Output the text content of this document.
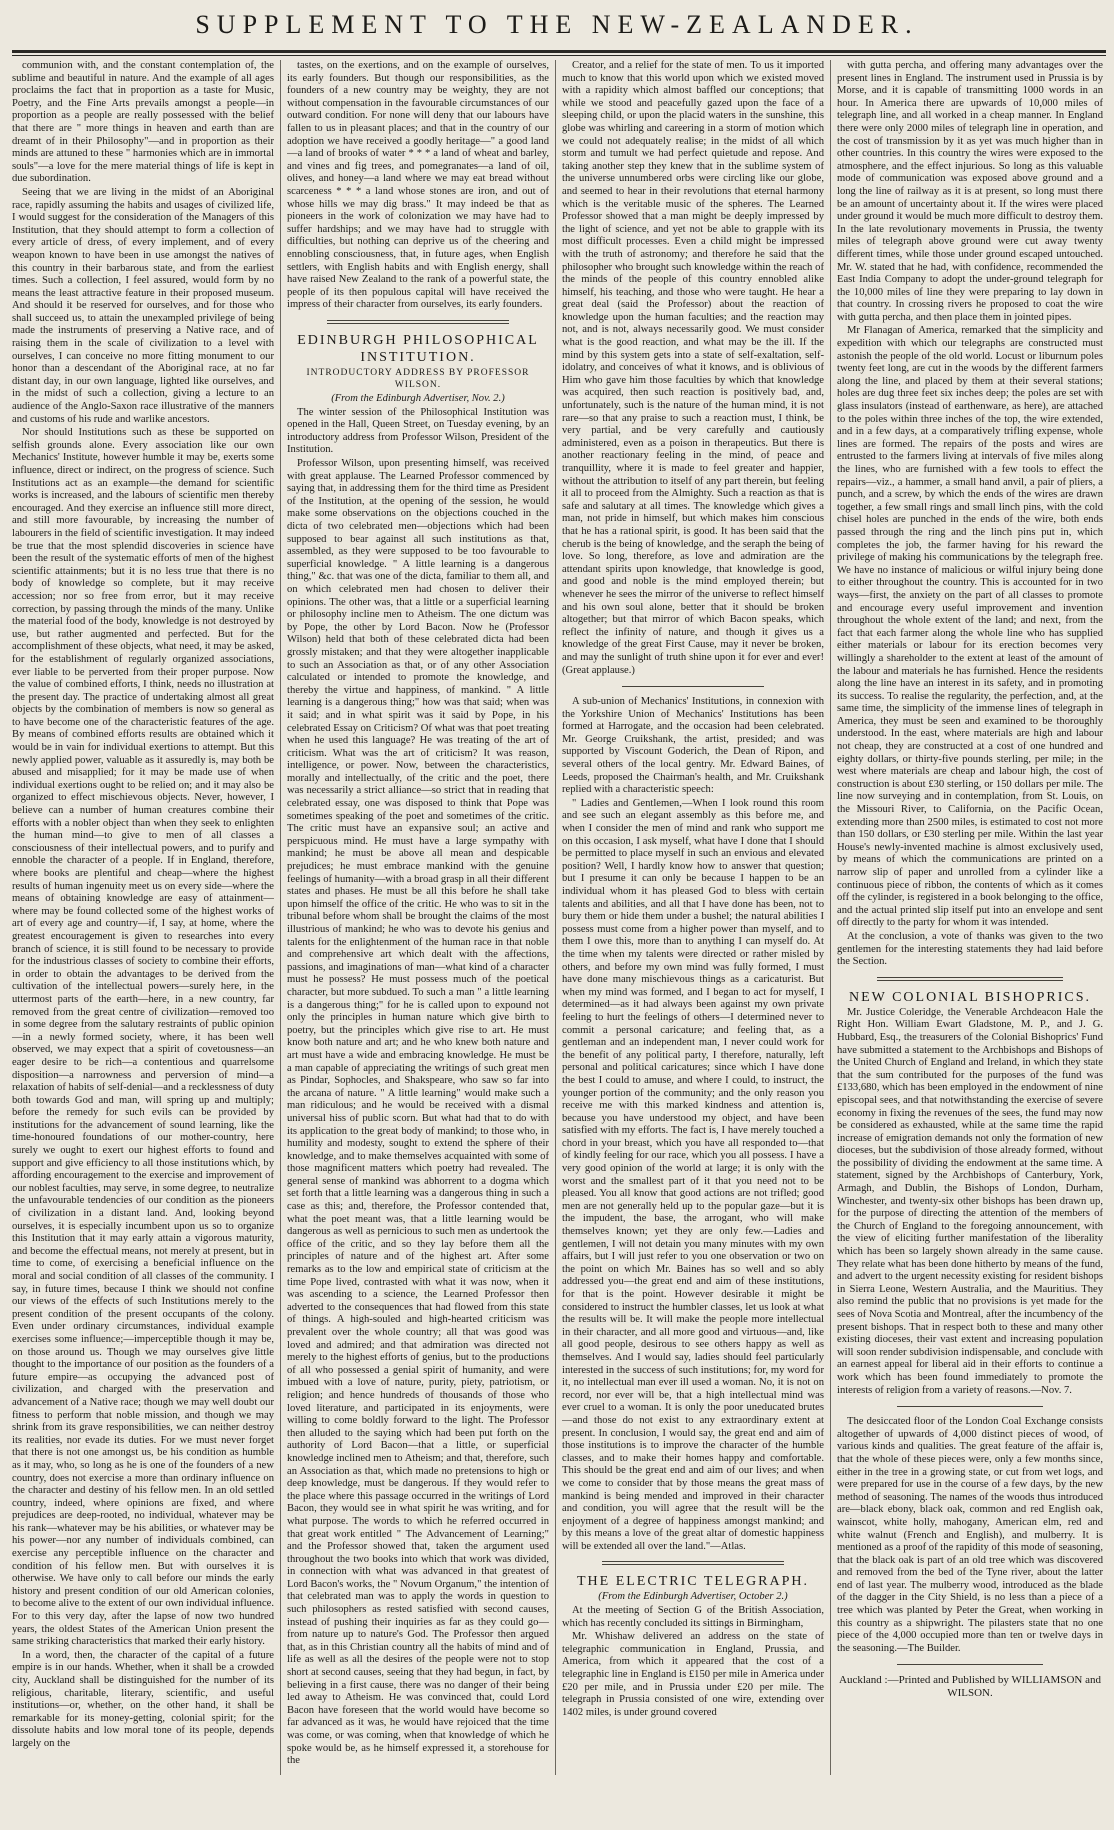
SUPPLEMENT TO THE NEW-ZEALANDER.

communion with, and the constant contemplation of, the sublime and beautiful in nature. And the example of all ages proclaims the fact that in proportion as a taste for Music, Poetry, and the Fine Arts prevails amongst a people—in proportion as a people are really possessed with the belief that there are " more things in heaven and earth than are dreamt of in their Philosophy"—and in proportion as their minds are attuned to these " harmonies which are in immortal souls"—a love for the mere material things of life is kept in due subordination.

Seeing that we are living in the midst of an Aboriginal race, rapidly assuming the habits and usages of civilized life, I would suggest for the consideration of the Managers of this Institution, that they should attempt to form a collection of every article of dress, of every implement, and of every weapon known to have been in use amongst the natives of this country in their barbarous state, and from the earliest times. Such a collection, I feel assured, would form by no means the least attractive feature in their proposed museum. And should it be reserved for ourselves, and for those who shall succeed us, to attain the unexampled privilege of being made the instruments of preserving a Native race, and of raising them in the scale of civilization to a level with ourselves, I can conceive no more fitting monument to our honor than a descendant of the Aboriginal race, at no far distant day, in our own language, lighted like ourselves, and in the midst of such a collection, giving a lecture to an audience of the Anglo-Saxon race illustrative of the manners and customs of his rude and warlike ancestors.

Nor should Institutions such as these be supported on selfish grounds alone. Every association like our own Mechanics' Institute, however humble it may be, exerts some influence, direct or indirect, on the progress of science. Such Institutions act as an example—the demand for scientific works is increased, and the labours of scientific men thereby encouraged. And they exercise an influence still more direct, and still more favourable, by increasing the number of labourers in the field of scientific investigation. It may indeed be true that the most splendid discoveries in science have been the result of the systematic efforts of men of the highest scientific attainments; but it is no less true that there is no body of knowledge so complete, but it may receive accession; nor so free from error, but it may receive correction, by passing through the minds of the many. Unlike the material food of the body, knowledge is not destroyed by use, but rather augmented and perfected. But for the accomplishment of these objects, what need, it may be asked, for the establishment of regularly organized associations, ever liable to be perverted from their proper purpose. Now the value of combined efforts, I think, needs no illustration at the present day. The practice of undertaking almost all great objects by the combination of members is now so general as to have become one of the characteristic features of the age. By means of combined efforts results are obtained which it would be in vain for individual exertions to attempt. But this newly applied power, valuable as it assuredly is, may both be abused and misapplied; for it may be made use of when individual exertions ought to be relied on; and it may also be organized to effect mischievous objects. Never, however, I believe can a number of human creatures combine their efforts with a nobler object than when they seek to enlighten the human mind—to give to men of all classes a consciousness of their intellectual powers, and to purify and ennoble the character of a people. If in England, therefore, where books are plentiful and cheap—where the highest results of human ingenuity meet us on every side—where the means of obtaining knowledge are easy of attainment—where may be found collected some of the highest works of art of every age and country—if, I say, at home, where the greatest encouragement is given to researches into every branch of science, it is still found to be necessary to provide for the industrious classes of society to combine their efforts, in order to obtain the advantages to be derived from the cultivation of the intellectual powers—surely here, in the uttermost parts of the earth—here, in a new country, far removed from the great centre of civilization—removed too in some degree from the salutary restraints of public opinion—in a newly formed society, where, it has been well observed, we may expect that a spirit of covetousness—an eager desire to be rich—a contentious and quarrelsome disposition—a narrowness and perversion of mind—a relaxation of habits of self-denial—and a recklessness of duty both towards God and man, will spring up and multiply; before the remedy for such evils can be provided by institutions for the advancement of sound learning, like the time-honoured foundations of our mother-country, here surely we ought to exert our highest efforts to found and support and give efficiency to all those institutions which, by affording encouragement to the exercise and improvement of our noblest faculties, may serve, in some degree, to neutralize the unfavourable tendencies of our condition as the pioneers of civilization in a distant land. And, looking beyond ourselves, it is especially incumbent upon us so to organize this Institution that it may early attain a vigorous maturity, and become the effectual means, not merely at present, but in time to come, of exercising a beneficial influence on the moral and social condition of all classes of the community. I say, in future times, because I think we should not confine our views of the effects of such Institutions merely to the present condition of the present occupants of the colony. Even under ordinary circumstances, individual example exercises some influence;—imperceptible though it may be, on those around us. Though we may ourselves give little thought to the importance of our position as the founders of a future empire—as occupying the advanced post of civilization, and charged with the preservation and advancement of a Native race; though we may well doubt our fitness to perform that noble mission, and though we may shrink from its grave responsibilities, we can neither destroy its realities, nor evade its duties. For we must never forget that there is not one amongst us, be his condition as humble as it may, who, so long as he is one of the founders of a new country, does not exercise a more than ordinary influence on the character and destiny of his fellow men. In an old settled country, indeed, where opinions are fixed, and where prejudices are deep-rooted, no individual, whatever may be his rank—whatever may be his abilities, or whatever may be his power—nor any number of individuals combined, can exercise any perceptible influence on the character and condition of his fellow men. But with ourselves it is otherwise. We have only to call before our minds the early history and present condition of our old American colonies, to become alive to the extent of our own individual influence. For to this very day, after the lapse of now two hundred years, the oldest States of the American Union present the same striking characteristics that marked their early history.

In a word, then, the character of the capital of a future empire is in our hands. Whether, when it shall be a crowded city, Auckland shall be distinguished for the number of its religious, charitable, literary, scientific, and useful institutions—or, whether, on the other hand, it shall be remarkable for its money-getting, colonial spirit; for the dissolute habits and low moral tone of its people, depends largely on the

tastes, on the exertions, and on the example of ourselves, its early founders. But though our responsibilities, as the founders of a new country may be weighty, they are not without compensation in the favourable circumstances of our outward condition. For none will deny that our labours have fallen to us in pleasant places; and that in the country of our adoption we have received a goodly heritage—" a good land —a land of brooks of water * * * a land of wheat and barley, and vines and fig trees, and pomegranates—a land of oil, olives, and honey—a land where we may eat bread without scarceness * * * a land whose stones are iron, and out of whose hills we may dig brass." It may indeed be that as pioneers in the work of colonization we may have had to suffer hardships; and we may have had to struggle with difficulties, but nothing can deprive us of the cheering and ennobling consciousness, that, in future ages, when English settlers, with English habits and with English energy, shall have raised New Zealand to the rank of a powerful state, the people of its then populous capital will have received the impress of their character from ourselves, its early founders.

EDINBURGH PHILOSOPHICAL INSTITUTION.

INTRODUCTORY ADDRESS BY PROFESSOR WILSON.

(From the Edinburgh Advertiser, Nov. 2.)

The winter session of the Philosophical Institution was opened in the Hall, Queen Street, on Tuesday evening, by an introductory address from Professor Wilson, President of the Institution.

Professor Wilson, upon presenting himself, was received with great applause. The Learned Professor commenced by saying that, in addressing them for the third time as President of the Institution, at the opening of the session, he would make some observations on the objections couched in the dicta of two celebrated men—objections which had been supposed to bear against all such institutions as that, assembled, as they were supposed to be too favourable to superficial knowledge. " A little learning is a dangerous thing," &c. that was one of the dicta, familiar to them all, and on which celebrated men had chosen to deliver their opinions. The other was, that a little or a superficial learning or philosophy incline men to Atheism. The one dictum was by Pope, the other by Lord Bacon. Now he (Professor Wilson) held that both of these celebrated dicta had been grossly mistaken; and that they were altogether inapplicable to such an Association as that, or of any other Association calculated or intended to promote the knowledge, and thereby the virtue and happiness, of mankind. " A little learning is a dangerous thing;" how was that said; when was it said; and in what spirit was it said by Pope, in his celebrated Essay on Criticism? Of what was that poet treating when he used this language? He was treating of the art of criticism. What was the art of criticism? It was reason, intelligence, or power. Now, between the characteristics, morally and intellectually, of the critic and the poet, there was necessarily a strict alliance—so strict that in reading that celebrated essay, one was disposed to think that Pope was sometimes speaking of the poet and sometimes of the critic. The critic must have an expansive soul; an active and perspicuous mind. He must have a large sympathy with mankind; he must be above all mean and despicable prejudices; he must embrace mankind with the genuine feelings of humanity—with a broad grasp in all their different states and phases. He must be all this before he shall take upon himself the office of the critic. He who was to sit in the tribunal before whom shall be brought the claims of the most illustrious of mankind; he who was to devote his genius and talents for the enlightenment of the human race in that noble and comprehensive art which dealt with the affections, passions, and imaginations of man—what kind of a character must he possess? He must possess much of the poetical character, but more subdued. To such a man " a little learning is a dangerous thing;" for he is called upon to expound not only the principles in human nature which give birth to poetry, but the principles which give rise to art. He must know both nature and art; and he who knew both nature and art must have a wide and embracing knowledge. He must be a man capable of appreciating the writings of such great men as Pindar, Sophocles, and Shakspeare, who saw so far into the arcana of nature. " A little learning" would make such a man ridiculous; and he would be received with a dismal universal hiss of public scorn. But what had that to do with its application to the great body of mankind; to those who, in humility and modesty, sought to extend the sphere of their knowledge, and to make themselves acquainted with some of those magnificent matters which poetry had revealed. The general sense of mankind was abhorrent to a dogma which set forth that a little learning was a dangerous thing in such a case as this; and, therefore, the Professor contended that, what the poet meant was, that a little learning would be dangerous as well as pernicious to such men as undertook the office of the critic, and so they lay before them all the principles of nature and of the highest art. After some remarks as to the low and empirical state of criticism at the time Pope lived, contrasted with what it was now, when it was ascending to a science, the Learned Professor then adverted to the consequences that had flowed from this state of things. A high-souled and high-hearted criticism was prevalent over the whole country; all that was good was loved and admired; and that admiration was directed not merely to the highest efforts of genius, but to the productions of all who possessed a genial spirit of humanity, and were imbued with a love of nature, purity, piety, patriotism, or religion; and hence hundreds of thousands of those who loved literature, and participated in its enjoyments, were willing to come boldly forward to the light. The Professor then alluded to the saying which had been put forth on the authority of Lord Bacon—that a little, or superficial knowledge inclined men to Atheism; and that, therefore, such an Association as that, which made no pretensions to high or deep knowledge, must be dangerous. If they would refer to the place where this passage occurred in the writings of Lord Bacon, they would see in what spirit he was writing, and for what purpose. The words to which he referred occurred in that great work entitled " The Advancement of Learning;" and the Professor showed that, taken the argument used throughout the two books into which that work was divided, in connection with what was advanced in that greatest of Lord Bacon's works, the " Novum Organum," the intention of that celebrated man was to apply the words in question to such philosophers as rested satisfied with second causes, instead of pushing their inquiries as far as they could go—from nature up to nature's God. The Professor then argued that, as in this Christian country all the habits of mind and of life as well as all the desires of the people were not to stop short at second causes, seeing that they had begun, in fact, by believing in a first cause, there was no danger of their being led away to Atheism. He was convinced that, could Lord Bacon have foreseen that the world would have become so far advanced as it was, he would have rejoiced that the time was come, or was coming, when that knowledge of which he spoke would be, as he himself expressed it, a storehouse for the

Creator, and a relief for the state of men. To us it imported much to know that this world upon which we existed moved with a rapidity which almost baffled our conceptions; that while we stood and peacefully gazed upon the face of a sleeping child, or upon the placid waters in the sunshine, this globe was whirling and careering in a storm of motion which we could not adequately realise; in the midst of all which storm and tumult we had perfect quietude and repose. And taking another step they knew that in the sublime system of the universe unnumbered orbs were circling like our globe, and seemed to hear in their revolutions that eternal harmony which is the veritable music of the spheres. The Learned Professor showed that a man might be deeply impressed by the light of science, and yet not be able to grapple with its most difficult processes. Even a child might be impressed with the truth of astronomy; and therefore he said that the philosopher who brought such knowledge within the reach of the minds of the people of this country ennobled alike himself, his teaching, and those who were taught. He hear a great deal (said the Professor) about the reaction of knowledge upon the human faculties; and the reaction may not, and is not, always necessarily good. We must consider what is the good reaction, and what may be the ill. If the mind by this system gets into a state of self-exaltation, self-idolatry, and conceives of what it knows, and is oblivious of Him who gave him those faculties by which that knowledge was acquired, then such reaction is positively bad, and, unfortunately, such is the nature of the human mind, it is not rare—so that any praise to such a reaction must, I think, be very partial, and be very carefully and cautiously administered, even as a poison in therapeutics. But there is another reactionary feeling in the mind, of peace and tranquillity, where it is made to feel greater and happier, without the attribution to itself of any part therein, but feeling it all to proceed from the Almighty. Such a reaction as that is safe and salutary at all times. The knowledge which gives a man, not pride in himself, but which makes him conscious that he has a rational spirit, is good. It has been said that the cherub is the being of knowledge, and the seraph the being of love. So long, therefore, as love and admiration are the attendant spirits upon knowledge, that knowledge is good, and good and noble is the mind employed therein; but whenever he sees the mirror of the universe to reflect himself and his own soul alone, better that it should be broken altogether; but that mirror of which Bacon speaks, which reflect the infinity of nature, and though it gives us a knowledge of the great First Cause, may it never be broken, and may the sunlight of truth shine upon it for ever and ever! (Great applause.)

A sub-union of Mechanics' Institutions, in connexion with the Yorkshire Union of Mechanics' Institutions has been formed at Harrogate, and the occasion had been celebrated. Mr. George Cruikshank, the artist, presided; and was supported by Viscount Goderich, the Dean of Ripon, and several others of the local gentry. Mr. Edward Baines, of Leeds, proposed the Chairman's health, and Mr. Cruikshank replied with a characteristic speech:

" Ladies and Gentlemen,—When I look round this room and see such an elegant assembly as this before me, and when I consider the men of mind and rank who support me on this occasion, I ask myself, what have I done that I should be permitted to place myself in such an envious and elevated position? Well, I hardly know how to answer that question; but I presume it can only be because I happen to be an individual whom it has pleased God to bless with certain talents and abilities, and all that I have done has been, not to bury them or hide them under a bushel; the natural abilities I possess must come from a higher power than myself, and to them I owe this, more than to anything I can myself do. At the time when my talents were directed or rather misled by others, and before my own mind was fully formed, I must have done many mischievous things as a caricaturist. But when my mind was formed, and I began to act for myself, I determined—as it had always been against my own private feeling to hurt the feelings of others—I determined never to commit a personal caricature; and feeling that, as a gentleman and an independent man, I never could work for the benefit of any political party, I therefore, naturally, left personal and political caricatures; since which I have done the best I could to amuse, and where I could, to instruct, the younger portion of the community; and the only reason you receive me with this marked kindness and attention is, because you have understood my object, and have been satisfied with my efforts. The fact is, I have merely touched a chord in your breast, which you have all responded to—that of kindly feeling for our race, which you all possess. I have a very good opinion of the world at large; it is only with the worst and the smallest part of it that you need not to be pleased. You all know that good actions are not trifled; good men are not generally held up to the popular gaze—but it is the impudent, the base, the arrogant, who will make themselves known; yet they are only few.—Ladies and gentlemen, I will not detain you many minutes with my own affairs, but I will just refer to you one observation or two on the point on which Mr. Baines has so well and so ably addressed you—the great end and aim of these institutions, for that is the point. However desirable it might be considered to instruct the humbler classes, let us look at what the results will be. It will make the people more intellectual in their character, and all more good and virtuous—and, like all good people, desirous to see others happy as well as themselves. And I would say, ladies should feel particularly interested in the success of such institutions; for, my word for it, no intellectual man ever ill used a woman. No, it is not on record, nor ever will be, that a high intellectual mind was ever cruel to a woman. It is only the poor uneducated brutes—and those do not exist to any extraordinary extent at present. In conclusion, I would say, the great end and aim of those institutions is to improve the character of the humble classes, and to make their homes happy and comfortable. This should be the great end and aim of our lives; and when we come to consider that by those means the great mass of mankind is being mended and improved in their character and condition, you will agree that the result will be the enjoyment of a degree of happiness amongst mankind; and by this means a love of the great altar of domestic happiness will be extended all over the land."—Atlas.

THE ELECTRIC TELEGRAPH.

(From the Edinburgh Advertiser, October 2.)

At the meeting of Section G of the British Association, which has recently concluded its sittings in Birmingham,

Mr. Whishaw delivered an address on the state of telegraphic communication in England, Prussia, and America, from which it appeared that the cost of a telegraphic line in England is £150 per mile in America under £20 per mile, and in Prussia under £20 per mile. The telegraph in Prussia consisted of one wire, extending over 1402 miles, is under ground covered

with gutta percha, and offering many advantages over the present lines in England. The instrument used in Prussia is by Morse, and it is capable of transmitting 1000 words in an hour. In America there are upwards of 10,000 miles of telegraph line, and all worked in a cheap manner. In England there were only 2000 miles of telegraph line in operation, and the cost of transmission by it as yet was much higher than in other countries. In this country the wires were exposed to the atmosphere, and the effect injurious. So long as this valuable mode of communication was exposed above ground and a long the line of railway as it is at present, so long must there be an amount of uncertainty about it. If the wires were placed under ground it would be much more difficult to destroy them. In the late revolutionary movements in Prussia, the twenty miles of telegraph above ground were cut away twenty different times, while those under ground escaped untouched. Mr. W. stated that he had, with confidence, recommended the East India Company to adopt the under-ground telegraph for the 10,000 miles of line they were preparing to lay down in that country. In crossing rivers he proposed to coat the wire with gutta percha, and then place them in jointed pipes.

Mr Flanagan of America, remarked that the simplicity and expedition with which our telegraphs are constructed must astonish the people of the old world. Locust or liburnum poles twenty feet long, are cut in the woods by the different farmers along the line, and placed by them at their several stations; holes are dug three feet six inches deep; the poles are set with glass insulators (instead of earthenware, as here), are attached to the poles within three inches of the top, the wire extended, and in a few days, at a comparatively trifling expense, whole lines are formed. The repairs of the posts and wires are entrusted to the farmers living at intervals of five miles along the lines, who are furnished with a few tools to effect the repairs—viz., a hammer, a small hand anvil, a pair of pliers, a punch, and a screw, by which the ends of the wires are drawn together, a few small rings and small linch pins, with the cold chisel holes are punched in the ends of the wire, both ends passed through the ring and the linch pins put in, which completes the job, the farmer having for his reward the privilege of making his communications by the telegraph free. We have no instance of malicious or wilful injury being done to either throughout the country. This is accounted for in two ways—first, the anxiety on the part of all classes to promote and encourage every useful improvement and invention throughout the whole extent of the land; and next, from the fact that each farmer along the whole line who has supplied either materials or labour for its erection becomes very willingly a shareholder to the extent at least of the amount of the labour and materials he has furnished. Hence the residents along the line have an interest in its safety, and in promoting its success. To realise the regularity, the perfection, and, at the same time, the simplicity of the immense lines of telegraph in America, they must be seen and examined to be thoroughly understood. In the east, where materials are high and labour not cheap, they are constructed at a cost of one hundred and eighty dollars, or thirty-five pounds sterling, per mile; in the west where materials are cheap and labour high, the cost of construction is about £30 sterling, or 150 dollars per mile. The line now surveying and in contemplation, from St. Louis, on the Missouri River, to California, on the Pacific Ocean, extending more than 2500 miles, is estimated to cost not more than 150 dollars, or £30 sterling per mile. Within the last year House's newly-invented machine is almost exclusively used, by means of which the communications are printed on a narrow slip of paper and unrolled from a cylinder like a continuous piece of ribbon, the contents of which as it comes off the cylinder, is registered in a book belonging to the office, and the actual printed slip itself put into an envelope and sent off directly to the party for whom it was intended.

At the conclusion, a vote of thanks was given to the two gentlemen for the interesting statements they had laid before the Section.

NEW COLONIAL BISHOPRICS.

Mr. Justice Coleridge, the Venerable Archdeacon Hale the Right Hon. William Ewart Gladstone, M. P., and J. G. Hubbard, Esq., the treasurers of the Colonial Bishoprics' Fund have submitted a statement to the Archbishops and Bishops of the United Church of England and Ireland, in which they state that the sum contributed for the purposes of the fund was £133,680, which has been employed in the endowment of nine episcopal sees, and that notwithstanding the exercise of severe economy in fixing the revenues of the sees, the fund may now be considered as exhausted, while at the same time the rapid increase of emigration demands not only the formation of new dioceses, but the subdivision of those already formed, without the possibility of dividing the endowment at the same time. A statement, signed by the Archbishops of Canterbury, York, Armagh, and Dublin, the Bishops of London, Durham, Winchester, and twenty-six other bishops has been drawn up, for the purpose of directing the attention of the members of the Church of England to the foregoing announcement, with the view of eliciting further manifestation of the liberality which has been so largely shown already in the same cause. They relate what has been done hitherto by means of the fund, and advert to the urgent necessity existing for resident bishops in Sierra Leone, Western Australia, and the Mauritius. They also remind the public that no provisions is yet made for the sees of Nova Scotia and Montreal, after the incumbency of the present bishops. That in respect both to these and many other existing dioceses, their vast extent and increasing population will soon render subdivision indispensable, and conclude with an earnest appeal for liberal aid in their efforts to continue a work which has been found immediately to promote the interests of religion from a variety of reasons.—Nov. 7.

The desiccated floor of the London Coal Exchange consists altogether of upwards of 4,000 distinct pieces of wood, of various kinds and qualities. The great feature of the affair is, that the whole of these pieces were, only a few months since, either in the tree in a growing state, or cut from wet logs, and were prepared for use in the course of a few days, by the new method of seasoning. The names of the woods thus introduced are—black ebony, black oak, common and red English oak, wainscot, white holly, mahogany, American elm, red and white walnut (French and English), and mulberry. It is mentioned as a proof of the rapidity of this mode of seasoning, that the black oak is part of an old tree which was discovered and removed from the bed of the Tyne river, about the latter end of last year. The mulberry wood, introduced as the blade of the dagger in the City Shield, is no less than a piece of a tree which was planted by Peter the Great, when working in this country as a shipwright. The pilasters state that no one piece of the 4,000 occupied more than ten or twelve days in the seasoning.—The Builder.

Auckland :—Printed and Published by WILLIAMSON and WILSON.
